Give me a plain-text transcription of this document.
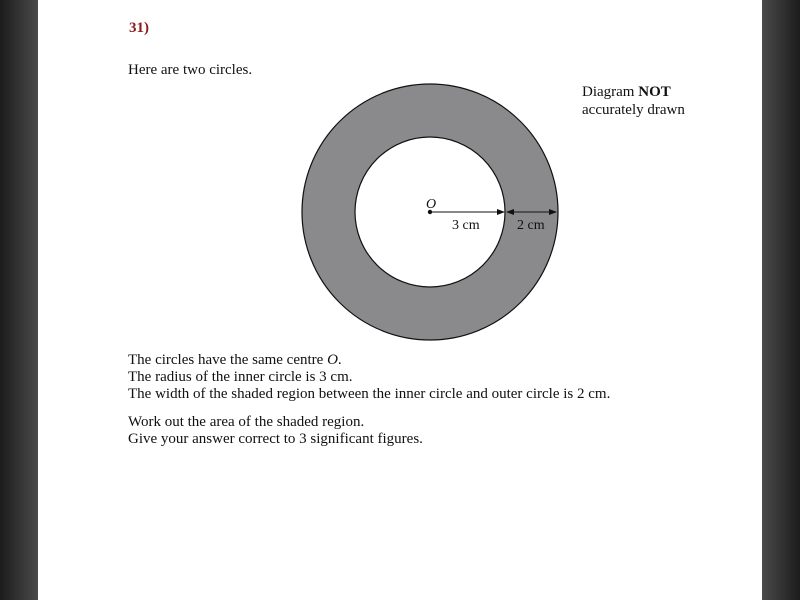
31)
Here are two circles.
Diagram NOT
accurately drawn
O
3 cm	2 cm

The circles have the same centre O.

The radius of the inner circle is 3 cm.

The width of the shaded region between the inner circle and outer circle is 2 cm.

Work out the area of the shaded region.

Give your answer correct to 3 significant figures.
